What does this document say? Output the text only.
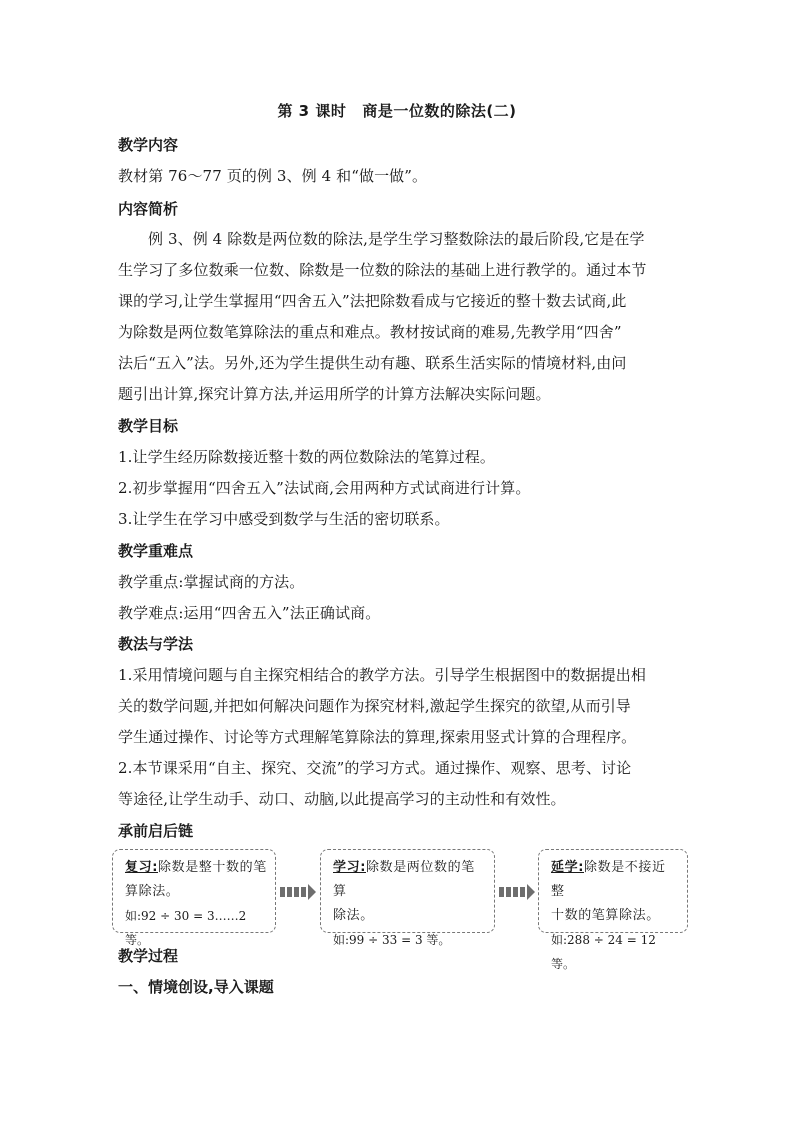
第 3 课时 商是一位数的除法(二)
教学内容
教材第 76～77 页的例 3、例 4 和“做一做”。
内容简析
例 3、例 4 除数是两位数的除法,是学生学习整数除法的最后阶段,它是在学
生学习了多位数乘一位数、除数是一位数的除法的基础上进行教学的。通过本节
课的学习,让学生掌握用“四舍五入”法把除数看成与它接近的整十数去试商,此
为除数是两位数笔算除法的重点和难点。教材按试商的难易,先教学用“四舍”
法后“五入”法。另外,还为学生提供生动有趣、联系生活实际的情境材料,由问
题引出计算,探究计算方法,并运用所学的计算方法解决实际问题。
教学目标
1.让学生经历除数接近整十数的两位数除法的笔算过程。
2.初步掌握用“四舍五入”法试商,会用两种方式试商进行计算。
3.让学生在学习中感受到数学与生活的密切联系。
教学重难点
教学重点:掌握试商的方法。
教学难点:运用“四舍五入”法正确试商。
教法与学法
1.采用情境问题与自主探究相结合的教学方法。引导学生根据图中的数据提出相
关的数学问题,并把如何解决问题作为探究材料,激起学生探究的欲望,从而引导
学生通过操作、讨论等方式理解笔算除法的算理,探索用竖式计算的合理程序。
2.本节课采用“自主、探究、交流”的学习方式。通过操作、观察、思考、讨论
等途径,让学生动手、动口、动脑,以此提高学习的主动性和有效性。
承前启后链
复习:除数是整十数的笔
算除法。
如:92 ÷ 30 = 3……2 等。
学习:除数是两位数的笔算
除法。
如:99 ÷ 33 = 3 等。
延学:除数是不接近整
十数的笔算除法。
如:288 ÷ 24 = 12 等。
教学过程
一、情境创设,导入课题
